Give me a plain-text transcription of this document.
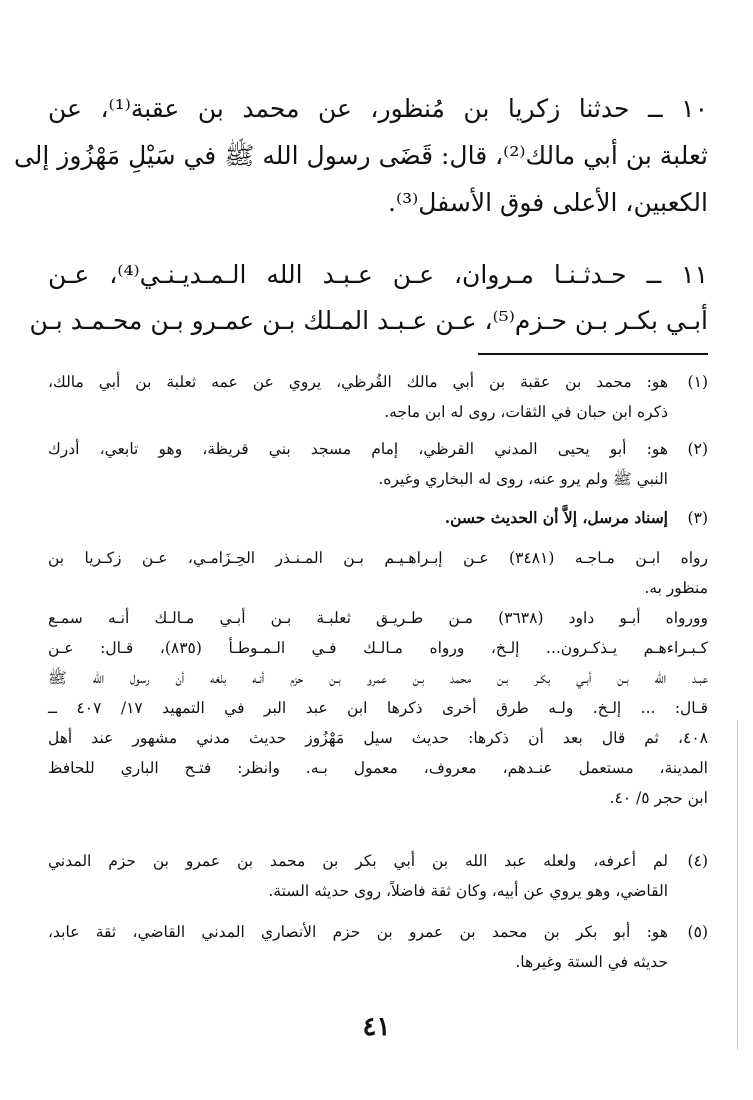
١٠ ــ حدثنا زكريا بن مُنظور، عن محمد بن عقبة⁽¹⁾، عن
ثعلبة بن أبي مالك⁽²⁾، قال: قَضَى رسول الله ﷺ في سَيْلِ مَهْزُوز إلى
الكعبين، الأعلى فوق الأسفل⁽³⁾.
١١ ــ حـدثـنـا مـروان، عـن عـبـد الله الـمـديـنـي⁽⁴⁾، عـن
أبـي بكـر بـن حـزم⁽⁵⁾، عـن عـبـد المـلك بـن عمـرو بـن محـمـد بـن
(١)
هو: محمد بن عقبة بن أبي مالك القُرظي، يروي عن عمه ثعلبة بن أبي مالك،
ذكره ابن حبان في الثقات، روى له ابن ماجه.
(٢)
هو: أبو يحيى المدني القرظي، إمام مسجد بني قريظة، وهو تابعي، أدرك
النبي ﷺ ولم يرو عنه، روى له البخاري وغيره.
(٣)
إسناد مرسل، إلاَّ أن الحديث حسن.
رواه ابـن مـاجـه (٣٤٨١) عـن إبـراهـيـم بـن المـنـذر الحِـزَامـي، عـن زكـريا بن
منظور به.
وورواه أبـو داود (٣٦٣٨) مـن طـريـق ثعلبـة بـن أبـي مـالـك أنـه سمـع
كـبـراءهـم يـذكـرون... إلـخ، ورواه مـالـك فـي الـمـوطـأ (٨٣٥)، قـال: عـن
عبـد الله بـن أبـي بكـر بـن محمد بـن عمرو بـن حزم أنـه بلغه أن رسول الله ﷺ
قـال: ... إلـخ. ولـه طرق أخرى ذكرها ابن عبد البر في التمهيد ١٧/ ٤٠٧ ــ
٤٠٨، ثم قال بعد أن ذكرها: حديث سيل مَهْزُوز حديث مدني مشهور عند أهل
المدينة، مستعمل عنـدهم، معروف، معمول بـه. وانظر: فتـح الباري للحافظ
ابن حجر ٥/ ٤٠.
(٤)
لم أعرفه، ولعله عبد الله بن أبي بكر بن محمد بن عمرو بن حزم المدني
القاضي، وهو يروي عن أبيه، وكان ثقة فاضلاً، روى حديثه الستة.
(٥)
هو: أبو بكر بن محمد بن عمرو بن حزم الأنصاري المدني القاضي، ثقة عابد،
حديثه في الستة وغيرها.
٤١
